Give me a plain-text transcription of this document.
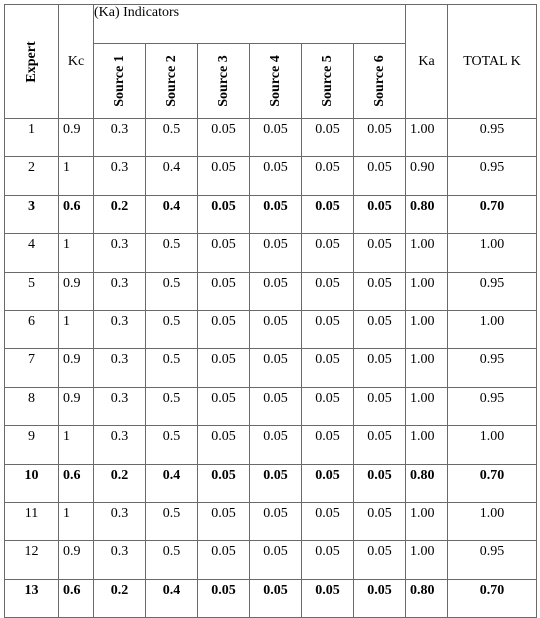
Expert	Kc	(Ka) Indicators						Ka	TOTAL K

		Source 1	Source 2	Source 3	Source 4	Source 5	Source 6		

1	0.9	0.3	0.5	0.05	0.05	0.05	0.05	1.00	0.95
2	1	0.3	0.4	0.05	0.05	0.05	0.05	0.90	0.95
3	0.6	0.2	0.4	0.05	0.05	0.05	0.05	0.80	0.70
4	1	0.3	0.5	0.05	0.05	0.05	0.05	1.00	1.00
5	0.9	0.3	0.5	0.05	0.05	0.05	0.05	1.00	0.95
6	1	0.3	0.5	0.05	0.05	0.05	0.05	1.00	1.00
7	0.9	0.3	0.5	0.05	0.05	0.05	0.05	1.00	0.95
8	0.9	0.3	0.5	0.05	0.05	0.05	0.05	1.00	0.95
9	1	0.3	0.5	0.05	0.05	0.05	0.05	1.00	1.00
10	0.6	0.2	0.4	0.05	0.05	0.05	0.05	0.80	0.70
11	1	0.3	0.5	0.05	0.05	0.05	0.05	1.00	1.00
12	0.9	0.3	0.5	0.05	0.05	0.05	0.05	1.00	0.95
13	0.6	0.2	0.4	0.05	0.05	0.05	0.05	0.80	0.70
